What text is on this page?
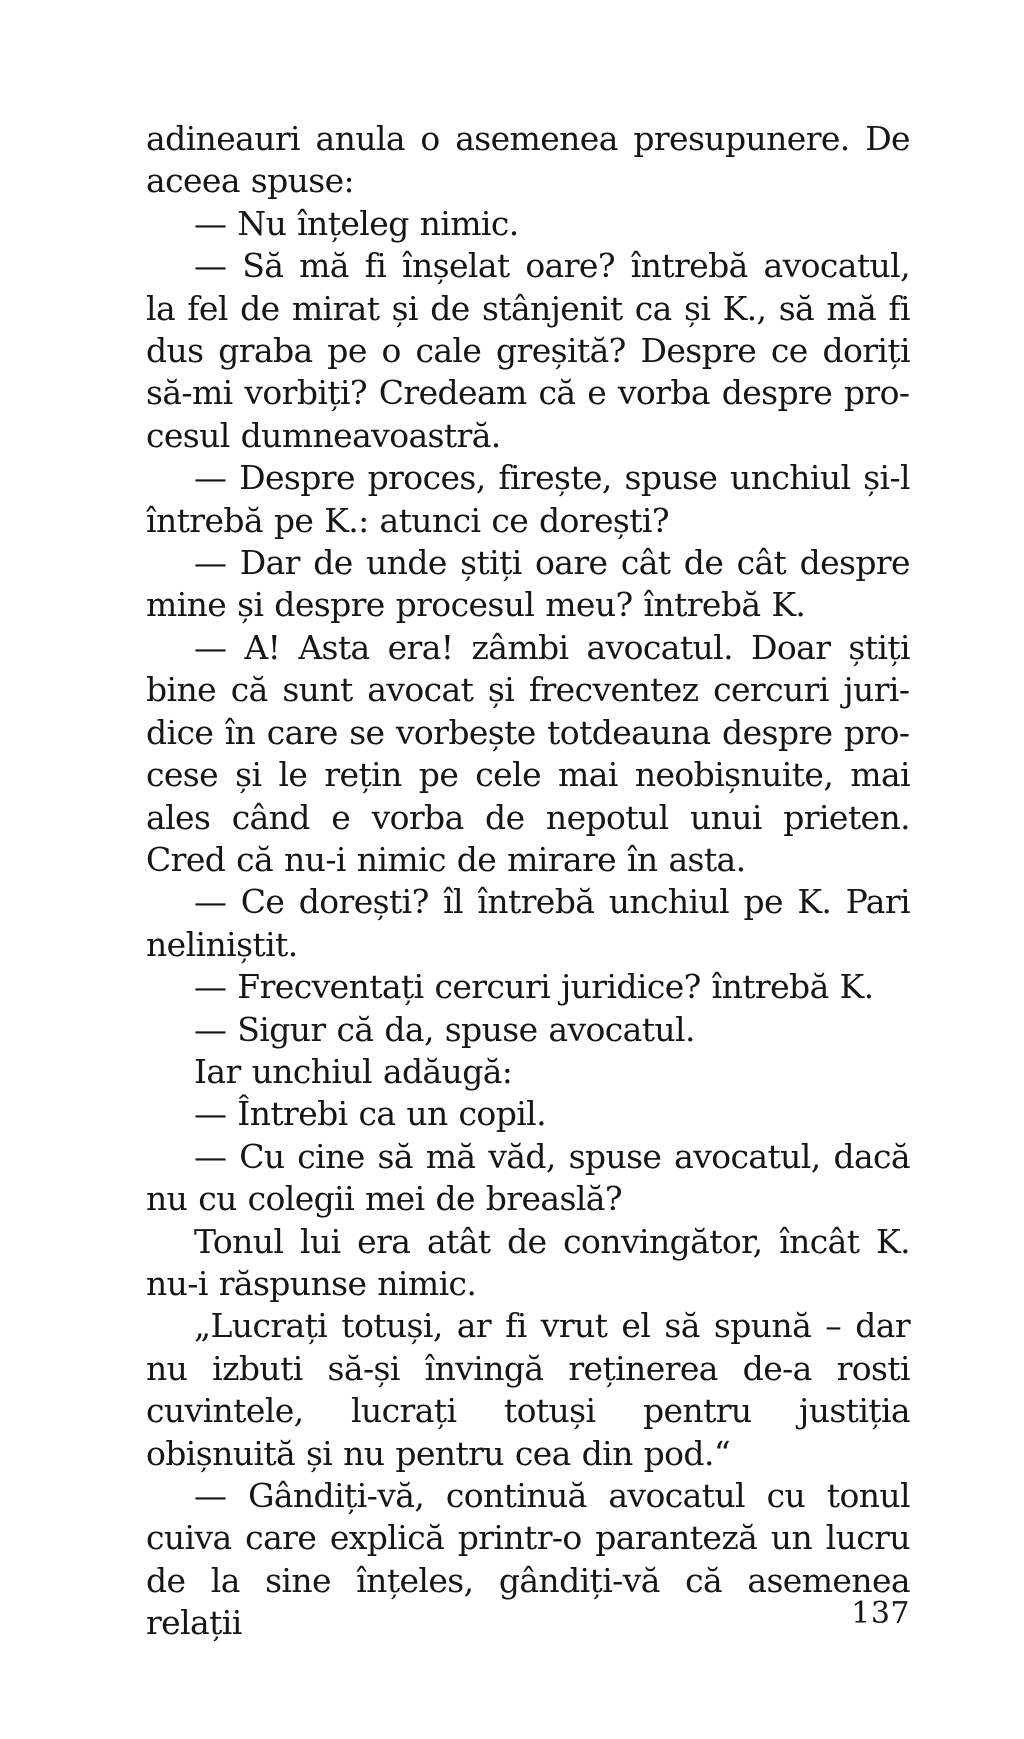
adineauri anula o asemenea presupunere. De aceea spuse:

— Nu înțeleg nimic.

— Să mă fi înșelat oare? întrebă avocatul, la fel de mirat și de stânjenit ca și K., să mă fi dus graba pe o cale greșită? Despre ce doriți să-mi vorbiți? Credeam că e vorba despre procesul dumneavoastră.

— Despre proces, firește, spuse unchiul și-l întrebă pe K.: atunci ce dorești?

— Dar de unde știți oare cât de cât despre mine și despre procesul meu? întrebă K.

— A! Asta era! zâmbi avocatul. Doar știți bine că sunt avocat și frecventez cercuri juridice în care se vorbește totdeauna despre procese și le rețin pe cele mai neobișnuite, mai ales când e vorba de nepotul unui prieten. Cred că nu-i nimic de mirare în asta.

— Ce dorești? îl întrebă unchiul pe K. Pari neliniștit.

— Frecventați cercuri juridice? întrebă K.

— Sigur că da, spuse avocatul.

Iar unchiul adăugă:

— Întrebi ca un copil.

— Cu cine să mă văd, spuse avocatul, dacă nu cu colegii mei de breaslă?

Tonul lui era atât de convingător, încât K. nu-i răspunse nimic.

„Lucrați totuși, ar fi vrut el să spună – dar nu izbuti să-și învingă reținerea de-a rosti cuvintele, lucrați totuși pentru justiția obișnuită și nu pentru cea din pod.“

— Gândiți-vă, continuă avocatul cu tonul cuiva care explică printr-o paranteză un lucru de la sine înțeles, gândiți-vă că asemenea relații	137
